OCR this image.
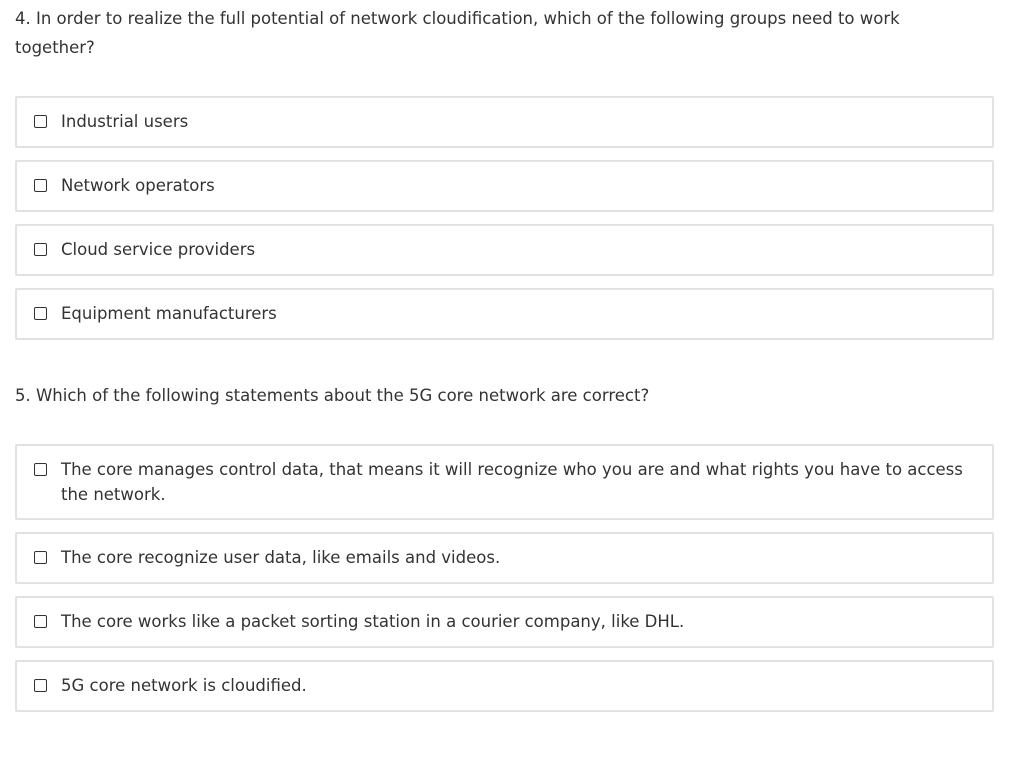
4. In order to realize the full potential of network cloudification, which of the following groups need to work together?

Industrial users
Network operators
Cloud service providers
Equipment manufacturers

5. Which of the following statements about the 5G core network are correct?

The core manages control data, that means it will recognize who you are and what rights you have to access the network.
The core recognize user data, like emails and videos.
The core works like a packet sorting station in a courier company, like DHL.
5G core network is cloudified.
